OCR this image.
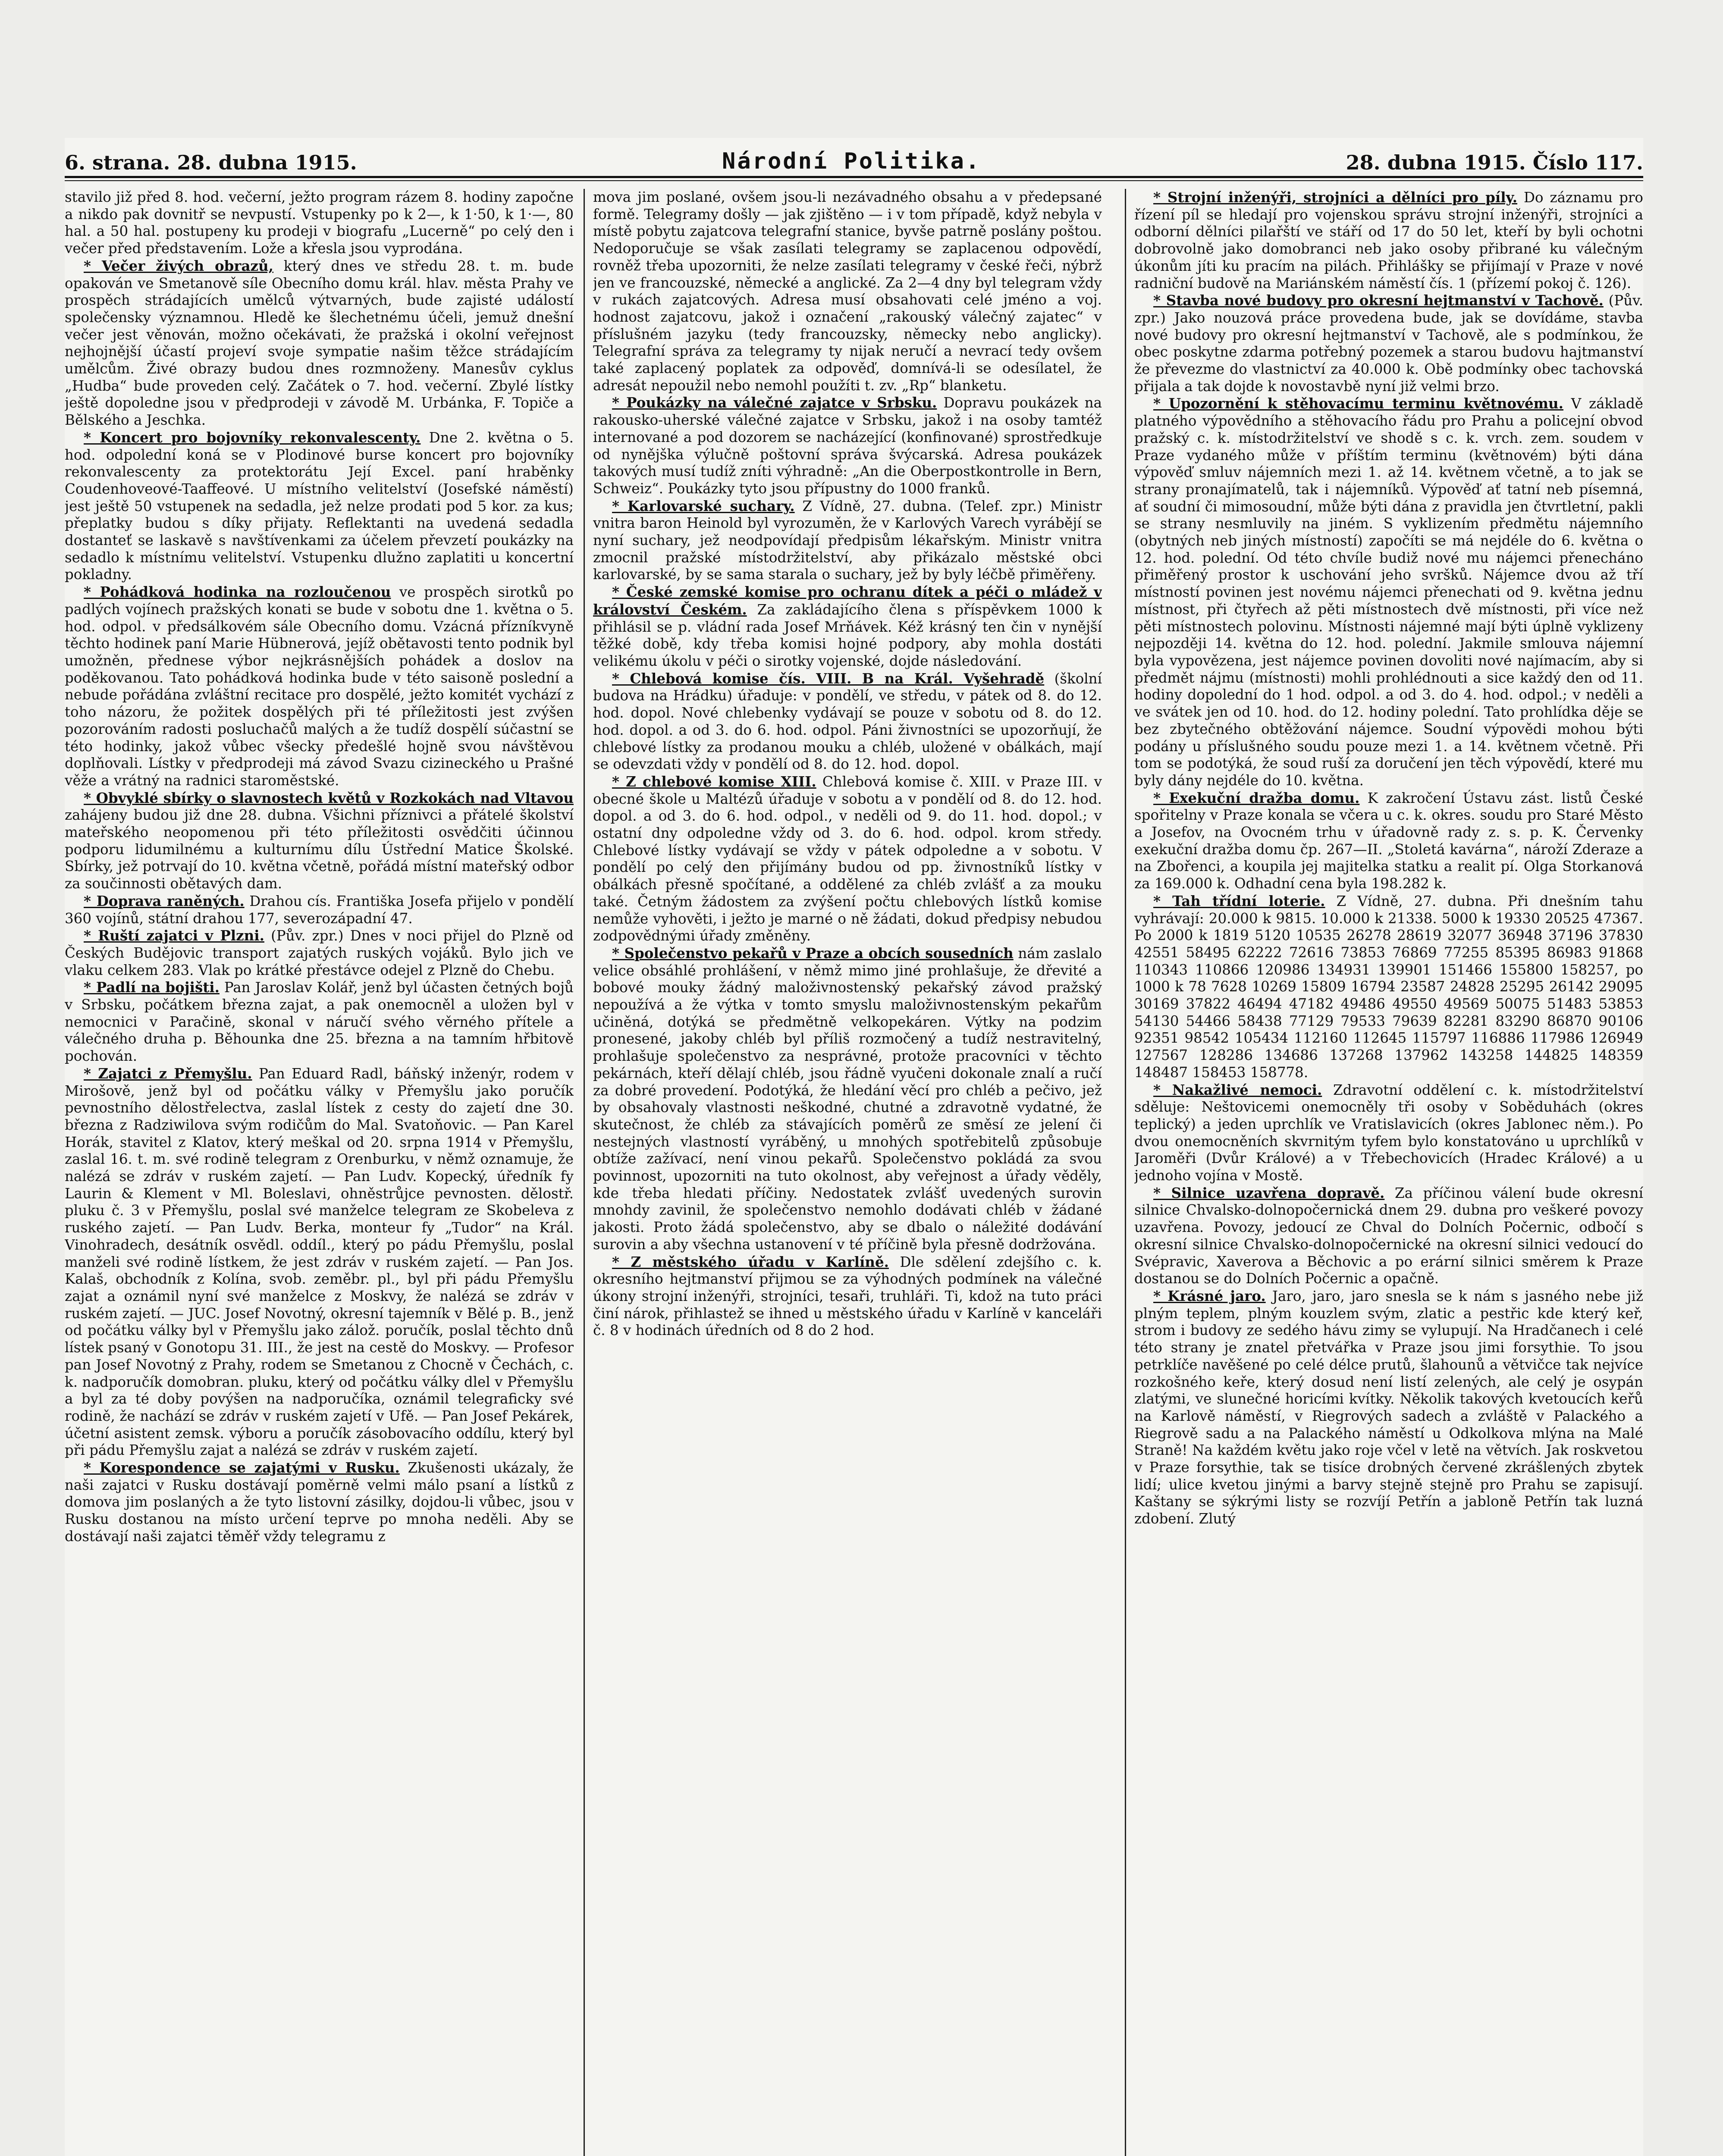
6. strana. 28. dubna 1915.	Národní Politika.	28. dubna 1915. Číslo 117.

stavilo již před 8. hod. večerní, ježto program rázem 8. hodiny započne a nikdo pak dovnitř se nevpustí. Vstupenky po k 2—, k 1·50, k 1·—, 80 hal. a 50 hal. postupeny ku prodeji v biografu „Lucerně“ po celý den i večer před představením. Lože a křesla jsou vyprodána.

* Večer živých obrazů, který dnes ve středu 28. t. m. bude opakován ve Smetanově síle Obecního domu král. hlav. města Prahy ve prospěch strádajících umělců výtvarných, bude zajisté událostí společensky významnou. Hledě ke šlechetnému účeli, jemuž dnešní večer jest věnován, možno očekávati, že pražská i okolní veřejnost nejhojnější účastí projeví svoje sympatie našim těžce strádajícím umělcům. Živé obrazy budou dnes rozmnoženy. Manesův cyklus „Hudba“ bude proveden celý. Začátek o 7. hod. večerní. Zbylé lístky ještě dopoledne jsou v předprodeji v závodě M. Urbánka, F. Topiče a Bělského a Jeschka.

* Koncert pro bojovníky rekonvalescenty. Dne 2. května o 5. hod. odpolední koná se v Plodinové burse koncert pro bojovníky rekonvalescenty za protektorátu Její Excel. paní hraběnky Coudenhoveové-Taaffeové. U místního velitelství (Josefské náměstí) jest ještě 50 vstupenek na sedadla, jež nelze prodati pod 5 kor. za kus; přeplatky budou s díky přijaty. Reflektanti na uvedená sedadla dostanteť se laskavě s navštívenkami za účelem převzetí poukázky na sedadlo k místnímu velitelství. Vstupenku dlužno zaplatiti u koncertní pokladny.

* Pohádková hodinka na rozloučenou ve prospěch sirotků po padlých vojínech pražských konati se bude v sobotu dne 1. května o 5. hod. odpol. v předsálkovém sále Obecního domu. Vzácná přízníkvyně těchto hodinek paní Marie Hübnerová, jejíž obětavosti tento podnik byl umožněn, přednese výbor nejkrásnějších pohádek a doslov na poděkovanou. Tato pohádková hodinka bude v této saisoně poslední a nebude pořádána zvláštní recitace pro dospělé, ježto komitét vychází z toho názoru, že požitek dospělých při té příležitosti jest zvýšen pozorováním radosti posluchačů malých a že tudíž dospělí súčastní se této hodinky, jakož vůbec všecky předešlé hojně svou návštěvou doplňovali. Lístky v předprodeji má závod Svazu cizineckého u Prašné věže a vrátný na radnici staroměstské.

* Obvyklé sbírky o slavnostech květů v Rozkokách nad Vltavou zahájeny budou již dne 28. dubna. Všichni příznivci a přátelé školství mateřského neopomenou při této příležitosti osvědčiti účinnou podporu lidumilnému a kulturnímu dílu Ústřední Matice Školské. Sbírky, jež potrvají do 10. května včetně, pořádá místní mateřský odbor za součinnosti obětavých dam.

* Doprava raněných. Drahou cís. Františka Josefa přijelo v pondělí 360 vojínů, státní drahou 177, severozápadní 47.

* Ruští zajatci v Plzni. (Pův. zpr.) Dnes v noci přijel do Plzně od Českých Budějovic transport zajatých ruských vojáků. Bylo jich ve vlaku celkem 283. Vlak po krátké přestávce odejel z Plzně do Chebu.

* Padlí na bojišti. Pan Jaroslav Kolář, jenž byl účasten četných bojů v Srbsku, počátkem března zajat, a pak onemocněl a uložen byl v nemocnici v Paračině, skonal v náručí svého věrného přítele a válečného druha p. Běhounka dne 25. března a na tamním hřbitově pochován.

* Zajatci z Přemyšlu. Pan Eduard Radl, báňský inženýr, rodem v Mirošově, jenž byl od počátku války v Přemyšlu jako poručík pevnostního dělostřelectva, zaslal lístek z cesty do zajetí dne 30. března z Radziwilova svým rodičům do Mal. Svatoňovic. — Pan Karel Horák, stavitel z Klatov, který meškal od 20. srpna 1914 v Přemyšlu, zaslal 16. t. m. své rodině telegram z Orenburku, v němž oznamuje, že nalézá se zdráv v ruském zajetí. — Pan Ludv. Kopecký, úředník fy Laurin & Klement v Ml. Boleslavi, ohněstrůjce pevnosten. dělostř. pluku č. 3 v Přemyšlu, poslal své manželce telegram ze Skobeleva z ruského zajetí. — Pan Ludv. Berka, monteur fy „Tudor“ na Král. Vinohradech, desátník osvědl. oddíl., který po pádu Přemyšlu, poslal manželi své rodině lístkem, že jest zdráv v ruském zajetí. — Pan Jos. Kalaš, obchodník z Kolína, svob. zeměbr. pl., byl při pádu Přemyšlu zajat a oznámil nyní své manželce z Moskvy, že nalézá se zdráv v ruském zajetí. — JUC. Josef Novotný, okresní tajemník v Bělé p. B., jenž od počátku války byl v Přemyšlu jako zálož. poručík, poslal těchto dnů lístek psaný v Gonotopu 31. III., že jest na cestě do Moskvy. — Profesor pan Josef Novotný z Prahy, rodem se Smetanou z Chocně v Čechách, c. k. nadporučík domobran. pluku, který od počátku války dlel v Přemyšlu a byl za té doby povýšen na nadporučíka, oznámil telegraficky své rodině, že nachází se zdráv v ruském zajetí v Ufě. — Pan Josef Pekárek, účetní asistent zemsk. výboru a poručík zásobovacího oddílu, který byl při pádu Přemyšlu zajat a nalézá se zdráv v ruském zajetí.

* Korespondence se zajatými v Rusku. Zkušenosti ukázaly, že naši zajatci v Rusku dostávají poměrně velmi málo psaní a lístků z domova jim poslaných a že tyto listovní zásilky, dojdou-li vůbec, jsou v Rusku dostanou na místo určení teprve po mnoha neděli. Aby se dostávají naši zajatci těměř vždy telegramu z

mova jim poslané, ovšem jsou-li nezávadného obsahu a v předepsané formě. Telegramy došly — jak zjištěno — i v tom případě, když nebyla v místě pobytu zajatcova telegrafní stanice, byvše patrně poslány poštou. Nedoporučuje se však zasílati telegramy se zaplacenou odpovědí, rovněž třeba upozorniti, že nelze zasílati telegramy v české řeči, nýbrž jen ve francouzské, německé a anglické. Za 2—4 dny byl telegram vždy v rukách zajatcových. Adresa musí obsahovati celé jméno a voj. hodnost zajatcovu, jakož i označení „rakouský válečný zajatec“ v příslušném jazyku (tedy francouzsky, německy nebo anglicky). Telegrafní správa za telegramy ty nijak neručí a nevrací tedy ovšem také zaplacený poplatek za odpověď, domnívá-li se odesílatel, že adresát nepoužil nebo nemohl použíti t. zv. „Rp“ blanketu.

* Poukázky na válečné zajatce v Srbsku. Dopravu poukázek na rakousko-uherské válečné zajatce v Srbsku, jakož i na osoby tamtéž internované a pod dozorem se nacházející (konfinované) sprostředkuje od nynějška výlučně poštovní správa švýcarská. Adresa poukázek takových musí tudíž zníti výhradně: „An die Oberpostkontrolle in Bern, Schweiz“. Poukázky tyto jsou přípustny do 1000 franků.

* Karlovarské suchary. Z Vídně, 27. dubna. (Telef. zpr.) Ministr vnitra baron Heinold byl vyrozuměn, že v Karlových Varech vyrábějí se nyní suchary, jež neodpovídají předpisům lékařským. Ministr vnitra zmocnil pražské místodržitelství, aby přikázalo městské obci karlovarské, by se sama starala o suchary, jež by byly léčbě přiměřeny.

* České zemské komise pro ochranu dítek a péči o mládež v království Českém. Za zakládajícího člena s příspěvkem 1000 k přihlásil se p. vládní rada Josef Mrňávek. Kéž krásný ten čin v nynější těžké době, kdy třeba komisi hojné podpory, aby mohla dostáti velikému úkolu v péči o sirotky vojenské, dojde následování.

* Chlebová komise čís. VIII. B na Král. Vyšehradě (školní budova na Hrádku) úřaduje: v pondělí, ve středu, v pátek od 8. do 12. hod. dopol. Nové chlebenky vydávají se pouze v sobotu od 8. do 12. hod. dopol. a od 3. do 6. hod. odpol. Páni živnostníci se upozorňují, že chlebové lístky za prodanou mouku a chléb, uložené v obálkách, mají se odevzdati vždy v pondělí od 8. do 12. hod. dopol.

* Z chlebové komise XIII. Chlebová komise č. XIII. v Praze III. v obecné škole u Maltézů úřaduje v sobotu a v pondělí od 8. do 12. hod. dopol. a od 3. do 6. hod. odpol., v neděli od 9. do 11. hod. dopol.; v ostatní dny odpoledne vždy od 3. do 6. hod. odpol. krom středy. Chlebové lístky vydávají se vždy v pátek odpoledne a v sobotu. V pondělí po celý den přijímány budou od pp. živnostníků lístky v obálkách přesně spočítané, a oddělené za chléb zvlášť a za mouku také. Četným žádostem za zvýšení počtu chlebových lístků komise nemůže vyhověti, i ježto je marné o ně žádati, dokud předpisy nebudou zodpovědnými úřady změněny.

* Společenstvo pekařů v Praze a obcích sousedních nám zaslalo velice obsáhlé prohlášení, v němž mimo jiné prohlašuje, že dřevité a bobové mouky žádný maloživnostenský pekařský závod pražský nepoužívá a že výtka v tomto smyslu maloživnostenským pekařům učiněná, dotýká se předmětně velkopekáren. Výtky na podzim pronesené, jakoby chléb byl příliš rozmočený a tudíž nestravitelný, prohlašuje společenstvo za nesprávné, protože pracovníci v těchto pekárnách, kteří dělají chléb, jsou řádně vyučeni dokonale znalí a ručí za dobré provedení. Podotýká, že hledání věcí pro chléb a pečivo, jež by obsahovaly vlastnosti neškodné, chutné a zdravotně vydatné, že skutečnost, že chléb za stávajících poměrů ze směsí ze jelení či nestejných vlastností vyráběný, u mnohých spotřebitelů způsobuje obtíže zažívací, není vinou pekařů. Společenstvo pokládá za svou povinnost, upozorniti na tuto okolnost, aby veřejnost a úřady věděly, kde třeba hledati příčiny. Nedostatek zvlášť uvedených surovin mnohdy zavinil, že společenstvo nemohlo dodávati chléb v žádané jakosti. Proto žádá společenstvo, aby se dbalo o náležité dodávání surovin a aby všechna ustanovení v té příčině byla přesně dodržována.

* Z městského úřadu v Karlíně. Dle sdělení zdejšího c. k. okresního hejtmanství přijmou se za výhodných podmínek na válečné úkony strojní inženýři, strojníci, tesaři, truhláři. Ti, kdož na tuto práci činí nárok, přihlastež se ihned u městského úřadu v Karlíně v kanceláři č. 8 v hodinách úředních od 8 do 2 hod.

* Strojní inženýři, strojníci a dělníci pro píly. Do záznamu pro řízení píl se hledají pro vojenskou správu strojní inženýři, strojníci a odborní dělníci pilařští ve stáří od 17 do 50 let, kteří by byli ochotni dobrovolně jako domobranci neb jako osoby přibrané ku válečným úkonům jíti ku pracím na pilách. Přihlášky se přijímají v Praze v nové radniční budově na Mariánském náměstí čís. 1 (přízemí pokoj č. 126).

* Stavba nové budovy pro okresní hejtmanství v Tachově. (Pův. zpr.) Jako nouzová práce provedena bude, jak se dovídáme, stavba nové budovy pro okresní hejtmanství v Tachově, ale s podmínkou, že obec poskytne zdarma potřebný pozemek a starou budovu hajtmanství že převezme do vlastnictví za 40.000 k. Obě podmínky obec tachovská přijala a tak dojde k novostavbě nyní již velmi brzo.

* Upozornění k stěhovacímu terminu květnovému. V základě platného výpovědního a stěhovacího řádu pro Prahu a policejní obvod pražský c. k. místodržitelství ve shodě s c. k. vrch. zem. soudem v Praze vydaného může v příštím terminu (květnovém) býti dána výpověď smluv nájemních mezi 1. až 14. květnem včetně, a to jak se strany pronajímatelů, tak i nájemníků. Výpověď ať tatní neb písemná, ať soudní či mimosoudní, může býti dána z pravidla jen čtvrtletní, pakli se strany nesmluvily na jiném. S vyklizením předmětu nájemního (obytných neb jiných místností) započíti se má nejdéle do 6. května o 12. hod. polední. Od této chvíle budiž nové mu nájemci přenecháno přiměřený prostor k uschování jeho svršků. Nájemce dvou až tří místností povinen jest novému nájemci přenechati od 9. května jednu místnost, při čtyřech až pěti místnostech dvě místnosti, při více než pěti místnostech polovinu. Místnosti nájemné mají býti úplně vyklizeny nejpozději 14. května do 12. hod. polední. Jakmile smlouva nájemní byla vypovězena, jest nájemce povinen dovoliti nové najímacím, aby si předmět nájmu (místnosti) mohli prohlédnouti a sice každý den od 11. hodiny dopolední do 1 hod. odpol. a od 3. do 4. hod. odpol.; v neděli a ve svátek jen od 10. hod. do 12. hodiny polední. Tato prohlídka děje se bez zbytečného obtěžování nájemce. Soudní výpovědi mohou býti podány u příslušného soudu pouze mezi 1. a 14. květnem včetně. Při tom se podotýká, že soud ruší za doručení jen těch výpovědí, které mu byly dány nejdéle do 10. května.

* Exekuční dražba domu. K zakročení Ústavu zást. listů České spořitelny v Praze konala se včera u c. k. okres. soudu pro Staré Město a Josefov, na Ovocném trhu v úřadovně rady z. s. p. K. Červenky exekuční dražba domu čp. 267—II. „Stoletá kavárna“, nároží Zderaze a na Zbořenci, a koupila jej majitelka statku a realit pí. Olga Storkanová za 169.000 k. Odhadní cena byla 198.282 k.

* Tah třídní loterie. Z Vídně, 27. dubna. Při dnešním tahu vyhrávají: 20.000 k 9815. 10.000 k 21338. 5000 k 19330 20525 47367. Po 2000 k 1819 5120 10535 26278 28619 32077 36948 37196 37830 42551 58495 62222 72616 73853 76869 77255 85395 86983 91868 110343 110866 120986 134931 139901 151466 155800 158257, po 1000 k 78 7628 10269 15809 16794 23587 24828 25295 26142 29095 30169 37822 46494 47182 49486 49550 49569 50075 51483 53853 54130 54466 58438 77129 79533 79639 82281 83290 86870 90106 92351 98542 105434 112160 112645 115797 116886 117986 126949 127567 128286 134686 137268 137962 143258 144825 148359 148487 158453 158778.

* Nakažlivé nemoci. Zdravotní oddělení c. k. místodržitelství sděluje: Neštovicemi onemocněly tři osoby v Soběduhách (okres teplický) a jeden uprchlík ve Vratislavicích (okres Jablonec něm.). Po dvou onemocněních skvrnitým tyfem bylo konstatováno u uprchlíků v Jaroměři (Dvůr Králové) a v Třebechovicích (Hradec Králové) a u jednoho vojína v Mostě.

* Silnice uzavřena dopravě. Za příčinou válení bude okresní silnice Chvalsko-dolnopočernická dnem 29. dubna pro veškeré povozy uzavřena. Povozy, jedoucí ze Chval do Dolních Počernic, odbočí s okresní silnice Chvalsko-dolnopočernické na okresní silnici vedoucí do Svépravic, Xaverova a Běchovic a po erární silnici směrem k Praze dostanou se do Dolních Počernic a opačně.

* Krásné jaro. Jaro, jaro, jaro snesla se k nám s jasného nebe již plným teplem, plným kouzlem svým, zlatic a pestřic kde který keř, strom i budovy ze sedého hávu zimy se vylupují. Na Hradčanech i celé této strany je znatel přetvářka v Praze jsou jimi forsythie. To jsou petrklíče navěšené po celé délce prutů, šlahounů a větvičce tak nejvíce rozkošného keře, který dosud není listí zelených, ale celý je osypán zlatými, ve slunečné horicími kvítky. Několik takových kvetoucích keřů na Karlově náměstí, v Riegrových sadech a zvláště v Palackého a Riegrově sadu a na Palackého náměstí u Odkolkova mlýna na Malé Straně! Na každém květu jako roje včel v letě na větvích. Jak roskvetou v Praze forsythie, tak se tisíce drobných červené zkrášlených zbytek lidí; ulice kvetou jinými a barvy stejně stejně pro Prahu se zapisují. Kaštany se sýkrými listy se rozvíjí Petřín a jabloně Petřín tak luzná zdobení. Zlutý
